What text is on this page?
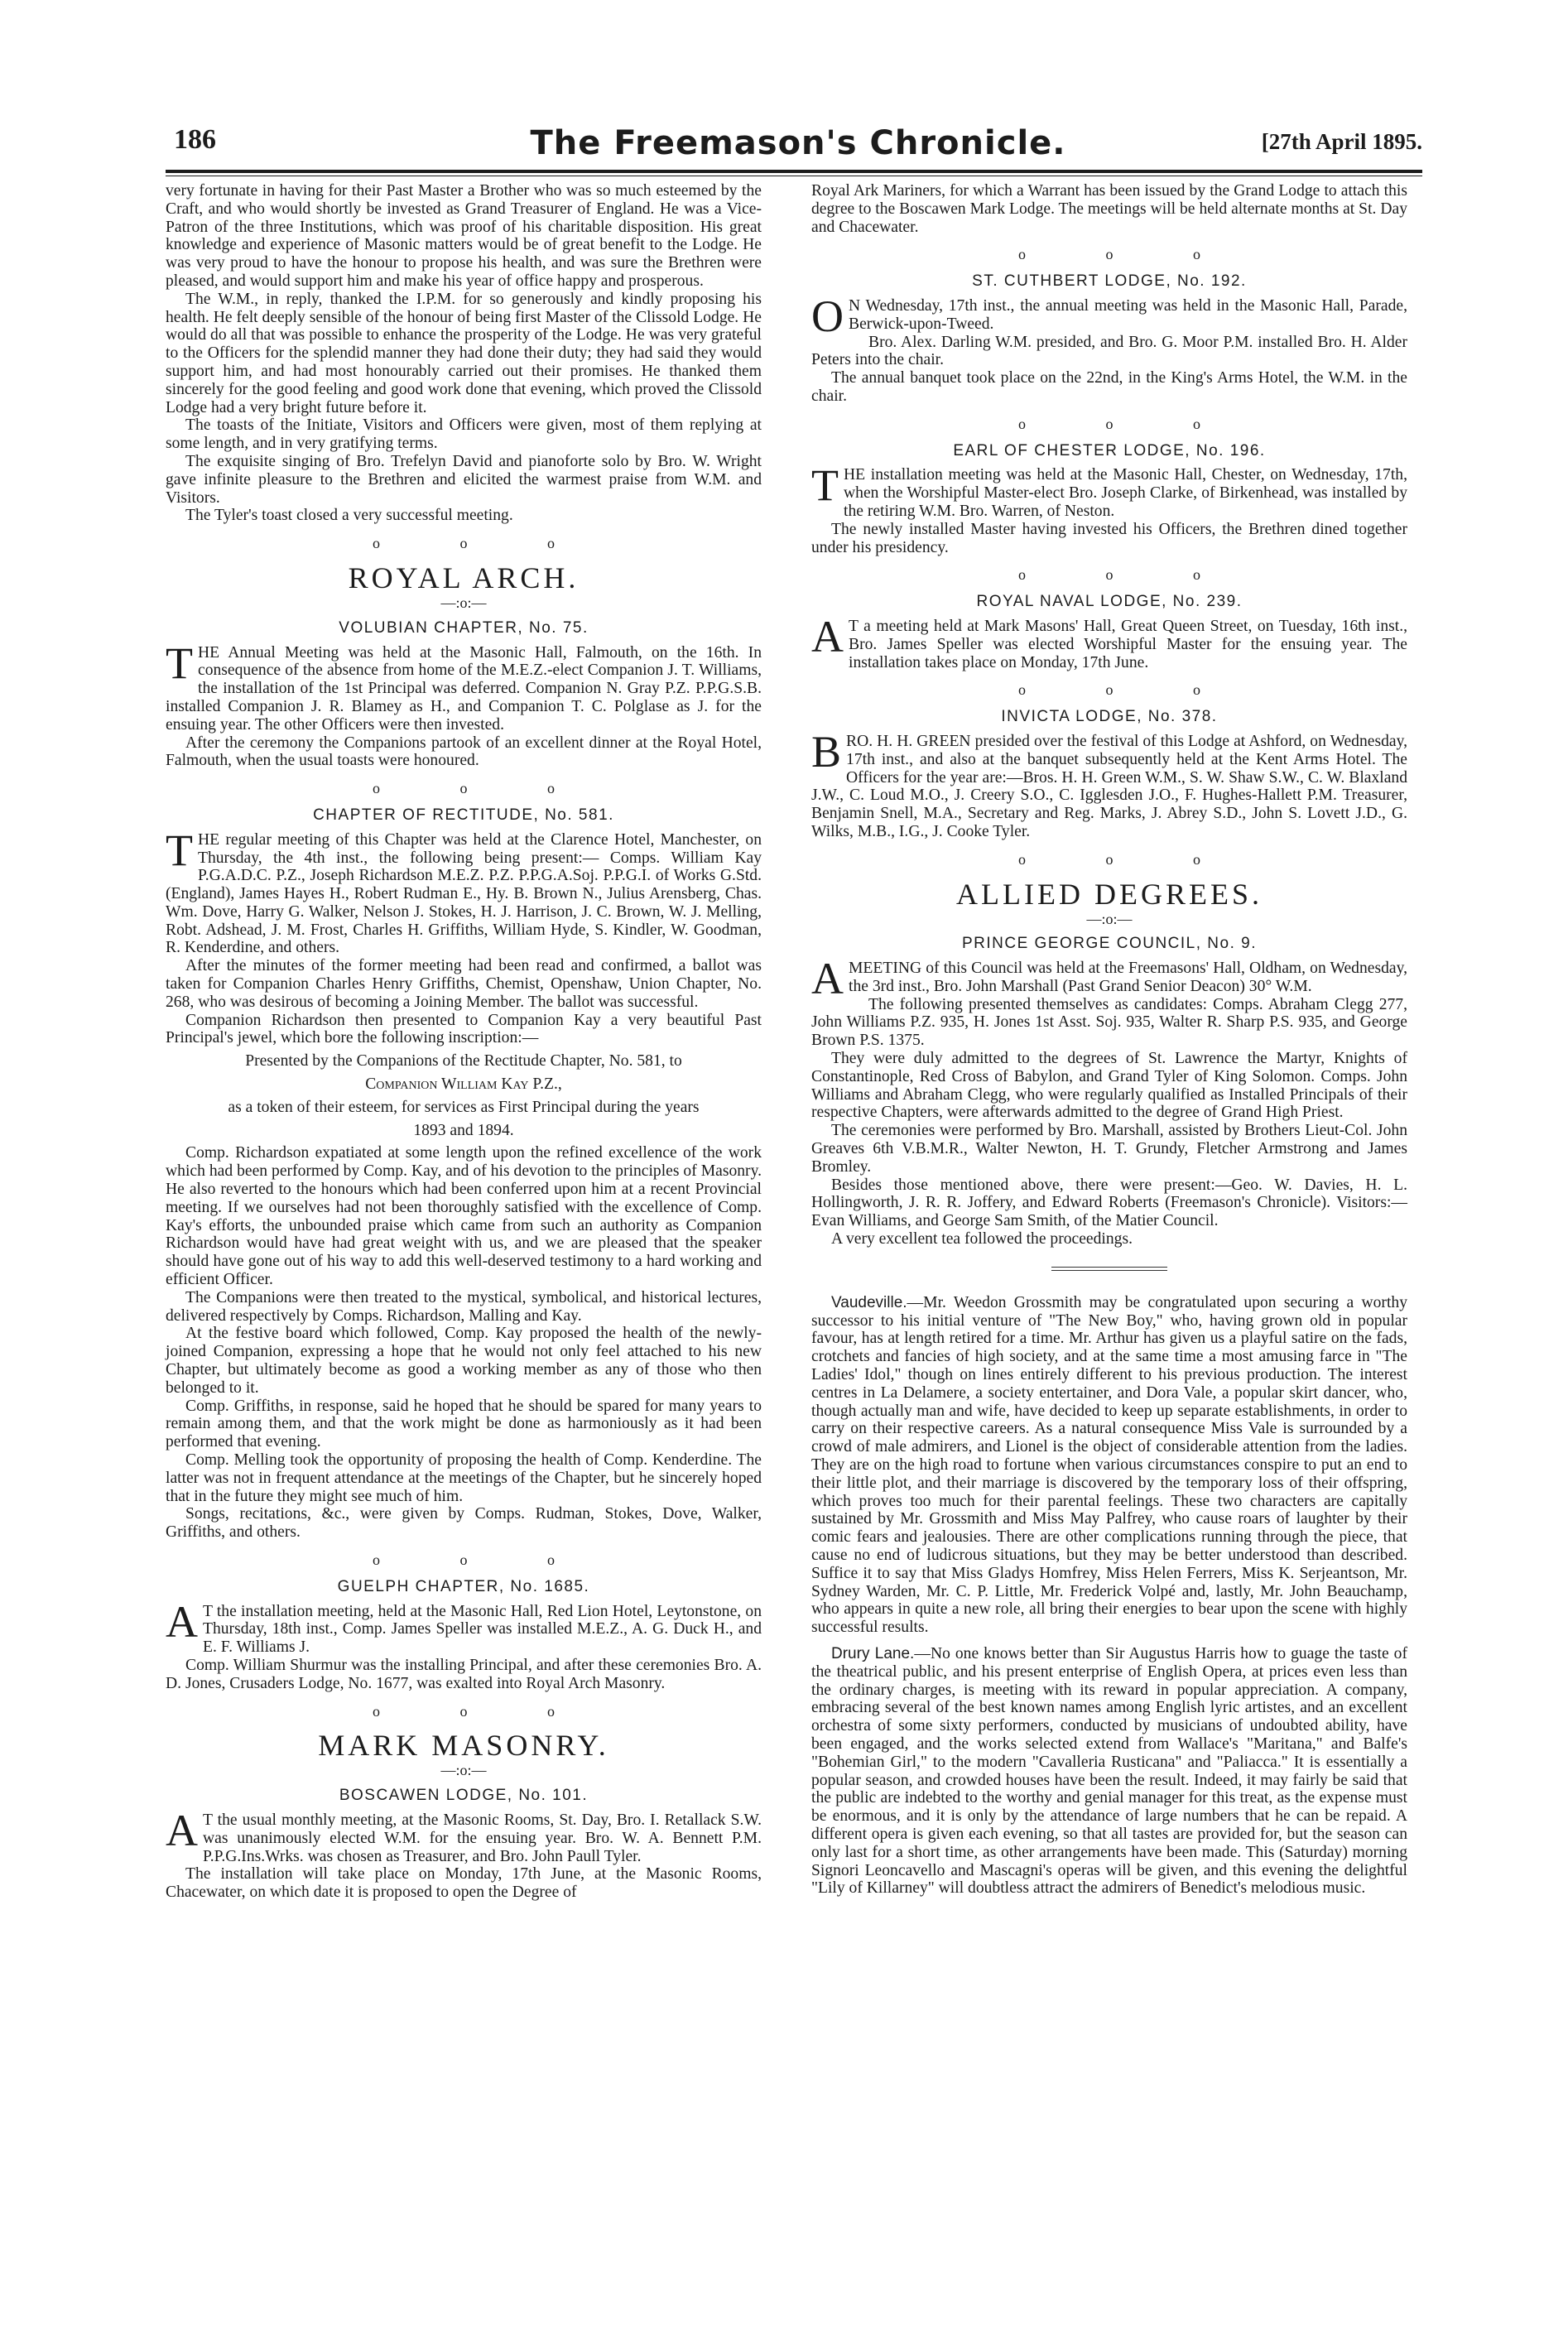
186	The Freemason's Chronicle.	[27th April 1895.

very fortunate in having for their Past Master a Brother who was so much esteemed by the Craft, and who would shortly be invested as Grand Treasurer of England. He was a Vice-Patron of the three Institutions, which was proof of his charitable disposition. His great knowledge and experience of Masonic matters would be of great benefit to the Lodge. He was very proud to have the honour to propose his health, and was sure the Brethren were pleased, and would support him and make his year of office happy and prosperous.

The W.M., in reply, thanked the I.P.M. for so generously and kindly proposing his health. He felt deeply sensible of the honour of being first Master of the Clissold Lodge. He would do all that was possible to enhance the prosperity of the Lodge. He was very grateful to the Officers for the splendid manner they had done their duty; they had said they would support him, and had most honourably carried out their promises. He thanked them sincerely for the good feeling and good work done that evening, which proved the Clissold Lodge had a very bright future before it.

The toasts of the Initiate, Visitors and Officers were given, most of them replying at some length, and in very gratifying terms.

The exquisite singing of Bro. Trefelyn David and pianoforte solo by Bro. W. Wright gave infinite pleasure to the Brethren and elicited the warmest praise from W.M. and Visitors.

The Tyler's toast closed a very successful meeting.

o o o
ROYAL ARCH.
—:o:—
VOLUBIAN CHAPTER, No. 75.

THE Annual Meeting was held at the Masonic Hall, Falmouth, on the 16th. In consequence of the absence from home of the M.E.Z.-elect Companion J. T. Williams, the installation of the 1st Principal was deferred. Companion N. Gray P.Z. P.P.G.S.B. installed Companion J. R. Blamey as H., and Companion T. C. Polglase as J. for the ensuing year. The other Officers were then invested.

After the ceremony the Companions partook of an excellent dinner at the Royal Hotel, Falmouth, when the usual toasts were honoured.

o o o
CHAPTER OF RECTITUDE, No. 581.

THE regular meeting of this Chapter was held at the Clarence Hotel, Manchester, on Thursday, the 4th inst., the following being present:— Comps. William Kay P.G.A.D.C. P.Z., Joseph Richardson M.E.Z. P.Z. P.P.G.A.Soj. P.P.G.I. of Works G.Std. (England), James Hayes H., Robert Rudman E., Hy. B. Brown N., Julius Arensberg, Chas. Wm. Dove, Harry G. Walker, Nelson J. Stokes, H. J. Harrison, J. C. Brown, W. J. Melling, Robt. Adshead, J. M. Frost, Charles H. Griffiths, William Hyde, S. Kindler, W. Goodman, R. Kenderdine, and others.

After the minutes of the former meeting had been read and confirmed, a ballot was taken for Companion Charles Henry Griffiths, Chemist, Openshaw, Union Chapter, No. 268, who was desirous of becoming a Joining Member. The ballot was successful.

Companion Richardson then presented to Companion Kay a very beautiful Past Principal's jewel, which bore the following inscription:—

Presented by the Companions of the Rectitude Chapter, No. 581, to

Companion William Kay P.Z.,

as a token of their esteem, for services as First Principal during the years

1893 and 1894.

Comp. Richardson expatiated at some length upon the refined excellence of the work which had been performed by Comp. Kay, and of his devotion to the principles of Masonry. He also reverted to the honours which had been conferred upon him at a recent Provincial meeting. If we ourselves had not been thoroughly satisfied with the excellence of Comp. Kay's efforts, the unbounded praise which came from such an authority as Companion Richardson would have had great weight with us, and we are pleased that the speaker should have gone out of his way to add this well-deserved testimony to a hard working and efficient Officer.

The Companions were then treated to the mystical, symbolical, and historical lectures, delivered respectively by Comps. Richardson, Malling and Kay.

At the festive board which followed, Comp. Kay proposed the health of the newly-joined Companion, expressing a hope that he would not only feel attached to his new Chapter, but ultimately become as good a working member as any of those who then belonged to it.

Comp. Griffiths, in response, said he hoped that he should be spared for many years to remain among them, and that the work might be done as harmoniously as it had been performed that evening.

Comp. Melling took the opportunity of proposing the health of Comp. Kenderdine. The latter was not in frequent attendance at the meetings of the Chapter, but he sincerely hoped that in the future they might see much of him.

Songs, recitations, &c., were given by Comps. Rudman, Stokes, Dove, Walker, Griffiths, and others.

o o o
GUELPH CHAPTER, No. 1685.

A T the installation meeting, held at the Masonic Hall, Red Lion Hotel, Leytonstone, on Thursday, 18th inst., Comp. James Speller was installed M.E.Z., A. G. Duck H., and E. F. Williams J.

Comp. William Shurmur was the installing Principal, and after these ceremonies Bro. A. D. Jones, Crusaders Lodge, No. 1677, was exalted into Royal Arch Masonry.

o o o
MARK MASONRY.
—:o:—
BOSCAWEN LODGE, No. 101.

A T the usual monthly meeting, at the Masonic Rooms, St. Day, Bro. I. Retallack S.W. was unanimously elected W.M. for the ensuing year. Bro. W. A. Bennett P.M. P.P.G.Ins.Wrks. was chosen as Treasurer, and Bro. John Paull Tyler.

The installation will take place on Monday, 17th June, at the Masonic Rooms, Chacewater, on which date it is proposed to open the Degree of

Royal Ark Mariners, for which a Warrant has been issued by the Grand Lodge to attach this degree to the Boscawen Mark Lodge. The meetings will be held alternate months at St. Day and Chacewater.

o o o
ST. CUTHBERT LODGE, No. 192.

O N Wednesday, 17th inst., the annual meeting was held in the Masonic Hall, Parade, Berwick-upon-Tweed.

Bro. Alex. Darling W.M. presided, and Bro. G. Moor P.M. installed Bro. H. Alder Peters into the chair.

The annual banquet took place on the 22nd, in the King's Arms Hotel, the W.M. in the chair.

o o o
EARL OF CHESTER LODGE, No. 196.

THE installation meeting was held at the Masonic Hall, Chester, on Wednesday, 17th, when the Worshipful Master-elect Bro. Joseph Clarke, of Birkenhead, was installed by the retiring W.M. Bro. Warren, of Neston.

The newly installed Master having invested his Officers, the Brethren dined together under his presidency.

o o o
ROYAL NAVAL LODGE, No. 239.

A T a meeting held at Mark Masons' Hall, Great Queen Street, on Tuesday, 16th inst., Bro. James Speller was elected Worshipful Master for the ensuing year. The installation takes place on Monday, 17th June.

o o o
INVICTA LODGE, No. 378.

BRO. H. H. GREEN presided over the festival of this Lodge at Ashford, on Wednesday, 17th inst., and also at the banquet subsequently held at the Kent Arms Hotel. The Officers for the year are:—Bros. H. H. Green W.M., S. W. Shaw S.W., C. W. Blaxland J.W., C. Loud M.O., J. Creery S.O., C. Igglesden J.O., F. Hughes-Hallett P.M. Treasurer, Benjamin Snell, M.A., Secretary and Reg. Marks, J. Abrey S.D., John S. Lovett J.D., G. Wilks, M.B., I.G., J. Cooke Tyler.

o o o
ALLIED DEGREES.
—:o:—
PRINCE GEORGE COUNCIL, No. 9.

AMEETING of this Council was held at the Freemasons' Hall, Oldham, on Wednesday, the 3rd inst., Bro. John Marshall (Past Grand Senior Deacon) 30° W.M.

The following presented themselves as candidates: Comps. Abraham Clegg 277, John Williams P.Z. 935, H. Jones 1st Asst. Soj. 935, Walter R. Sharp P.S. 935, and George Brown P.S. 1375.

They were duly admitted to the degrees of St. Lawrence the Martyr, Knights of Constantinople, Red Cross of Babylon, and Grand Tyler of King Solomon. Comps. John Williams and Abraham Clegg, who were regularly qualified as Installed Principals of their respective Chapters, were afterwards admitted to the degree of Grand High Priest.

The ceremonies were performed by Bro. Marshall, assisted by Brothers Lieut-Col. John Greaves 6th V.B.M.R., Walter Newton, H. T. Grundy, Fletcher Armstrong and James Bromley.

Besides those mentioned above, there were present:—Geo. W. Davies, H. L. Hollingworth, J. R. R. Joffery, and Edward Roberts (Freemason's Chronicle). Visitors:—Evan Williams, and George Sam Smith, of the Matier Council.

A very excellent tea followed the proceedings.

Vaudeville.—Mr. Weedon Grossmith may be congratulated upon securing a worthy successor to his initial venture of "The New Boy," who, having grown old in popular favour, has at length retired for a time. Mr. Arthur has given us a playful satire on the fads, crotchets and fancies of high society, and at the same time a most amusing farce in "The Ladies' Idol," though on lines entirely different to his previous production. The interest centres in La Delamere, a society entertainer, and Dora Vale, a popular skirt dancer, who, though actually man and wife, have decided to keep up separate establishments, in order to carry on their respective careers. As a natural consequence Miss Vale is surrounded by a crowd of male admirers, and Lionel is the object of considerable attention from the ladies. They are on the high road to fortune when various circumstances conspire to put an end to their little plot, and their marriage is discovered by the temporary loss of their offspring, which proves too much for their parental feelings. These two characters are capitally sustained by Mr. Grossmith and Miss May Palfrey, who cause roars of laughter by their comic fears and jealousies. There are other complications running through the piece, that cause no end of ludicrous situations, but they may be better understood than described. Suffice it to say that Miss Gladys Homfrey, Miss Helen Ferrers, Miss K. Serjeantson, Mr. Sydney Warden, Mr. C. P. Little, Mr. Frederick Volpé and, lastly, Mr. John Beauchamp, who appears in quite a new role, all bring their energies to bear upon the scene with highly successful results.

Drury Lane.—No one knows better than Sir Augustus Harris how to guage the taste of the theatrical public, and his present enterprise of English Opera, at prices even less than the ordinary charges, is meeting with its reward in popular appreciation. A company, embracing several of the best known names among English lyric artistes, and an excellent orchestra of some sixty performers, conducted by musicians of undoubted ability, have been engaged, and the works selected extend from Wallace's "Maritana," and Balfe's "Bohemian Girl," to the modern "Cavalleria Rusticana" and "Paliacca." It is essentially a popular season, and crowded houses have been the result. Indeed, it may fairly be said that the public are indebted to the worthy and genial manager for this treat, as the expense must be enormous, and it is only by the attendance of large numbers that he can be repaid. A different opera is given each evening, so that all tastes are provided for, but the season can only last for a short time, as other arrangements have been made. This (Saturday) morning Signori Leoncavello and Mascagni's operas will be given, and this evening the delightful "Lily of Killarney" will doubtless attract the admirers of Benedict's melodious music.
